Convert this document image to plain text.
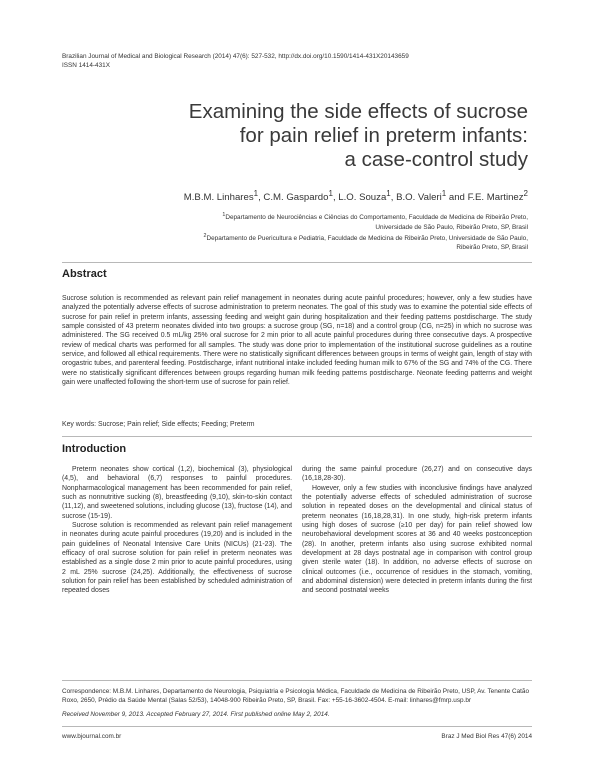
Brazilian Journal of Medical and Biological Research (2014) 47(6): 527-532, http://dx.doi.org/10.1590/1414-431X20143659
ISSN 1414-431X
Examining the side effects of sucrose
for pain relief in preterm infants:
a case-control study
M.B.M. Linhares$^1$, C.M. Gaspardo$^1$, L.O. Souza$^1$, B.O. Valeri$^1$ and F.E. Martinez$^2$
$^1$Departamento de Neurociências e Ciências do Comportamento, Faculdade de Medicina de Ribeirão Preto,
Universidade de São Paulo, Ribeirão Preto, SP, Brasil
$^2$Departamento de Puericultura e Pediatria, Faculdade de Medicina de Ribeirão Preto, Universidade de São Paulo,
Ribeirão Preto, SP, Brasil
Abstract
Sucrose solution is recommended as relevant pain relief management in neonates during acute painful procedures; however, only a few studies have analyzed the potentially adverse effects of sucrose administration to preterm neonates. The goal of this study was to examine the potential side effects of sucrose for pain relief in preterm infants, assessing feeding and weight gain during hospitalization and their feeding patterns postdischarge. The study sample consisted of 43 preterm neonates divided into two groups: a sucrose group (SG, n=18) and a control group (CG, n=25) in which no sucrose was administered. The SG received 0.5 mL/kg 25% oral sucrose for 2 min prior to all acute painful procedures during three consecutive days. A prospective review of medical charts was performed for all samples. The study was done prior to implementation of the institutional sucrose guidelines as a routine service, and followed all ethical requirements. There were no statistically significant differences between groups in terms of weight gain, length of stay with orogastric tubes, and parenteral feeding. Postdischarge, infant nutritional intake included feeding human milk to 67% of the SG and 74% of the CG. There were no statistically significant differences between groups regarding human milk feeding patterns postdischarge. Neonate feeding patterns and weight gain were unaffected following the short-term use of sucrose for pain relief.
Key words: Sucrose; Pain relief; Side effects; Feeding; Preterm
Introduction

Preterm neonates show cortical (1,2), biochemical (3), physiological (4,5), and behavioral (6,7) responses to painful procedures. Nonpharmacological management has been recommended for pain relief, such as nonnutritive sucking (8), breastfeeding (9,10), skin-to-skin contact (11,12), and sweetened solutions, including glucose (13), fructose (14), and sucrose (15-19).

Sucrose solution is recommended as relevant pain relief management in neonates during acute painful procedures (19,20) and is included in the pain guidelines of Neonatal Intensive Care Units (NICUs) (21-23). The efficacy of oral sucrose solution for pain relief in preterm neonates was established as a single dose 2 min prior to acute painful procedures, using 2 mL 25% sucrose (24,25). Additionally, the effectiveness of sucrose solution for pain relief has been established by scheduled administration of repeated doses

during the same painful procedure (26,27) and on consecutive days (16,18,28-30).

However, only a few studies with inconclusive findings have analyzed the potentially adverse effects of scheduled administration of sucrose solution in repeated doses on the developmental and clinical status of preterm neonates (16,18,28,31). In one study, high-risk preterm infants using high doses of sucrose (≥10 per day) for pain relief showed low neurobehavioral development scores at 36 and 40 weeks postconception (28). In another, preterm infants also using sucrose exhibited normal development at 28 days postnatal age in comparison with control group given sterile water (18). In addition, no adverse effects of sucrose on clinical outcomes (i.e., occurrence of residues in the stomach, vomiting, and abdominal distension) were detected in preterm infants during the first and second postnatal weeks

Correspondence: M.B.M. Linhares, Departamento de Neurologia, Psiquiatria e Psicologia Médica, Faculdade de Medicina de Ribeirão Preto, USP, Av. Tenente Catão Roxo, 2650, Prédio da Saúde Mental (Salas 52/53), 14048-900 Ribeirão Preto, SP, Brasil. Fax: +55-16-3602-4504. E-mail: linhares@fmrp.usp.br
Received November 9, 2013. Accepted February 27, 2014. First published online May 2, 2014.
www.bjournal.com.br	Braz J Med Biol Res 47(6) 2014
